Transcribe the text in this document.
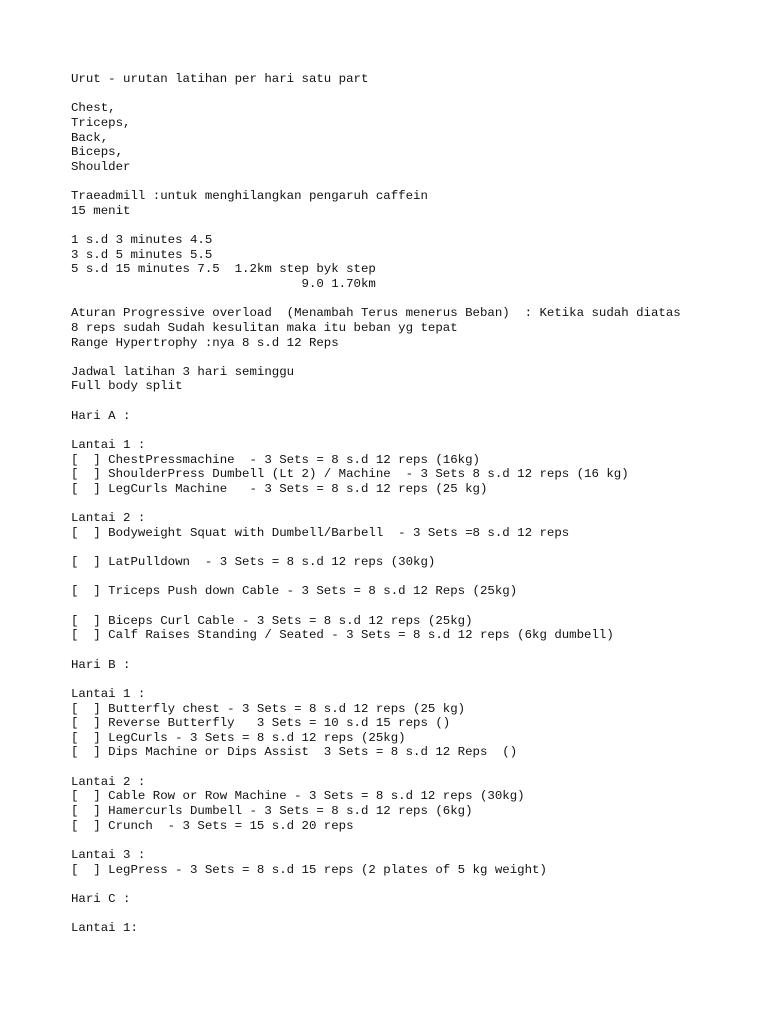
Urut - urutan latihan per hari satu part
Chest,
Triceps,
Back,
Biceps,
Shoulder
Traeadmill :untuk menghilangkan pengaruh caffein
15 menit
1 s.d 3 minutes 4.5
3 s.d 5 minutes 5.5
5 s.d 15 minutes 7.5  1.2km step byk step
9.0 1.70km
Aturan Progressive overload  (Menambah Terus menerus Beban)  : Ketika sudah diatas
8 reps sudah Sudah kesulitan maka itu beban yg tepat
Range Hypertrophy :nya 8 s.d 12 Reps
Jadwal latihan 3 hari seminggu
Full body split
Hari A :
Lantai 1 :
[  ] ChestPressmachine  - 3 Sets = 8 s.d 12 reps (16kg)
[  ] ShoulderPress Dumbell (Lt 2) / Machine  - 3 Sets 8 s.d 12 reps (16 kg)
[  ] LegCurls Machine   - 3 Sets = 8 s.d 12 reps (25 kg)
Lantai 2 :
[  ] Bodyweight Squat with Dumbell/Barbell  - 3 Sets =8 s.d 12 reps
[  ] LatPulldown  - 3 Sets = 8 s.d 12 reps (30kg)
[  ] Triceps Push down Cable - 3 Sets = 8 s.d 12 Reps (25kg)
[  ] Biceps Curl Cable - 3 Sets = 8 s.d 12 reps (25kg)
[  ] Calf Raises Standing / Seated - 3 Sets = 8 s.d 12 reps (6kg dumbell)
Hari B :
Lantai 1 :
[  ] Butterfly chest - 3 Sets = 8 s.d 12 reps (25 kg)
[  ] Reverse Butterfly   3 Sets = 10 s.d 15 reps ()
[  ] LegCurls - 3 Sets = 8 s.d 12 reps (25kg)
[  ] Dips Machine or Dips Assist  3 Sets = 8 s.d 12 Reps  ()
Lantai 2 :
[  ] Cable Row or Row Machine - 3 Sets = 8 s.d 12 reps (30kg)
[  ] Hamercurls Dumbell - 3 Sets = 8 s.d 12 reps (6kg)
[  ] Crunch  - 3 Sets = 15 s.d 20 reps
Lantai 3 :
[  ] LegPress - 3 Sets = 8 s.d 15 reps (2 plates of 5 kg weight)
Hari C :
Lantai 1:
